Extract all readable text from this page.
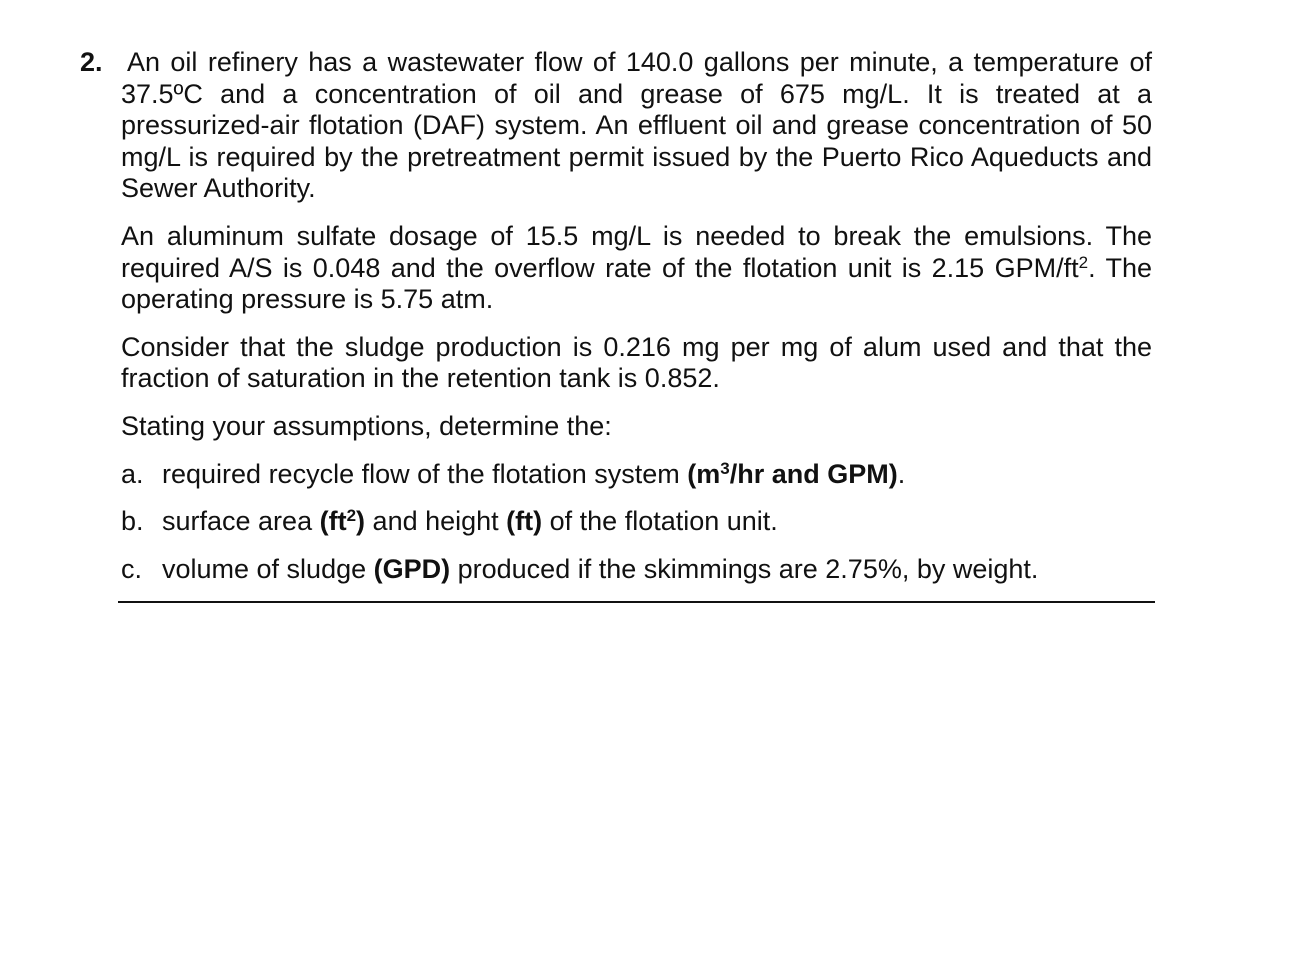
2. An oil refinery has a wastewater flow of 140.0 gallons per minute, a temperature of 37.5ºC and a concentration of oil and grease of 675 mg/L. It is treated at a pressurized-air flotation (DAF) system. An effluent oil and grease concentration of 50 mg/L is required by the pretreatment permit issued by the Puerto Rico Aqueducts and Sewer Authority.

An aluminum sulfate dosage of 15.5 mg/L is needed to break the emulsions. The required A/S is 0.048 and the overflow rate of the flotation unit is 2.15 GPM/$ft^2$. The operating pressure is 5.75 atm.

Consider that the sludge production is 0.216 mg per mg of alum used and that the fraction of saturation in the retention tank is 0.852.

Stating your assumptions, determine the:

a. required recycle flow of the flotation system ($m^3/hr$ and GPM).
b. surface area $(ft^2)$ and height (ft) of the flotation unit.
c. volume of sludge (GPD) produced if the skimmings are 2.75%, by weight.
